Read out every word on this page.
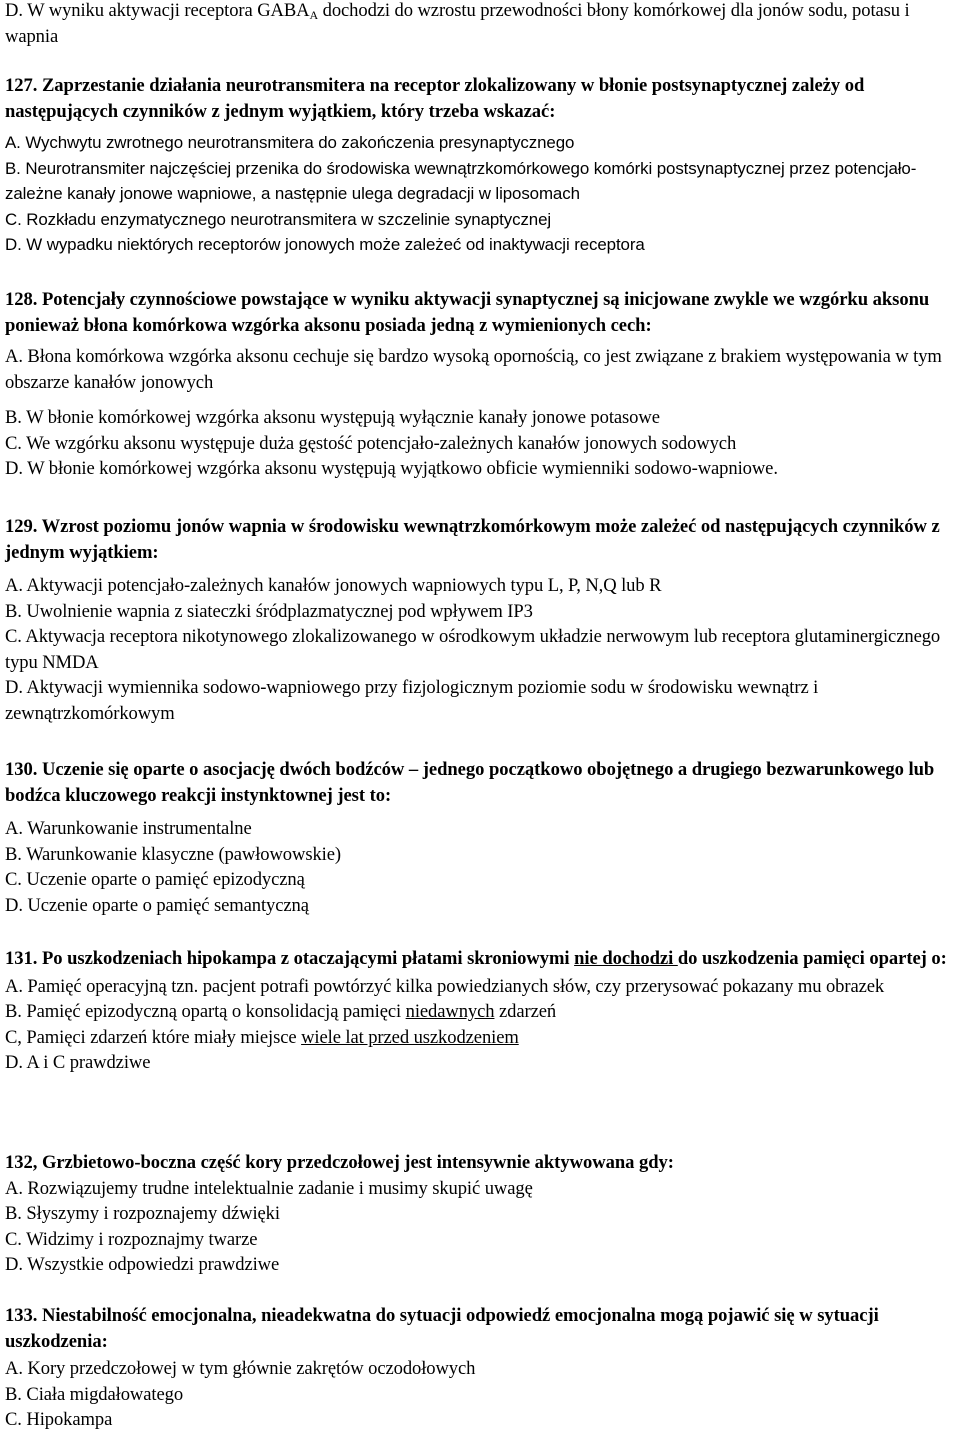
D. W wyniku aktywacji receptora $GABA_A$ dochodzi do wzrostu przewodności błony komórkowej dla jonów sodu, potasu i wapnia

127. Zaprzestanie działania neurotransmitera na receptor zlokalizowany w błonie postsynaptycznej zależy od następujących czynników z jednym wyjątkiem, który trzeba wskazać:

A. Wychwytu zwrotnego neurotransmitera do zakończenia presynaptycznego

B. Neurotransmiter najczęściej przenika do środowiska wewnątrzkomórkowego komórki postsynaptycznej przez potencjało-zależne kanały jonowe wapniowe, a następnie ulega degradacji w liposomach

C. Rozkładu enzymatycznego neurotransmitera w szczelinie synaptycznej

D. W wypadku niektórych receptorów jonowych może zależeć od inaktywacji receptora

128. Potencjały czynnościowe powstające w wyniku aktywacji synaptycznej są inicjowane zwykle we wzgórku aksonu ponieważ błona komórkowa wzgórka aksonu posiada jedną z wymienionych cech:

A. Błona komórkowa wzgórka aksonu cechuje się bardzo wysoką opornością, co jest związane z brakiem występowania w tym obszarze kanałów jonowych

B. W błonie komórkowej wzgórka aksonu występują wyłącznie kanały jonowe potasowe

C. We wzgórku aksonu występuje duża gęstość potencjało-zależnych kanałów jonowych sodowych

D. W błonie komórkowej wzgórka aksonu występują wyjątkowo obficie wymienniki sodowo-wapniowe.

129. Wzrost poziomu jonów wapnia w środowisku wewnątrzkomórkowym może zależeć od następujących czynników z jednym wyjątkiem:

A. Aktywacji potencjało-zależnych kanałów jonowych wapniowych typu L, P, N,Q lub R

B. Uwolnienie wapnia z siateczki śródplazmatycznej pod wpływem IP3

C. Aktywacja receptora nikotynowego zlokalizowanego w ośrodkowym układzie nerwowym lub receptora glutaminergicznego typu NMDA

D. Aktywacji wymiennika sodowo-wapniowego przy fizjologicznym poziomie sodu w środowisku wewnątrz i zewnątrzkomórkowym

130. Uczenie się oparte o asocjację dwóch bodźców – jednego początkowo obojętnego a drugiego bezwarunkowego lub bodźca kluczowego reakcji instynktownej jest to:

A. Warunkowanie instrumentalne

B. Warunkowanie klasyczne (pawłowowskie)

C. Uczenie oparte o pamięć epizodyczną

D. Uczenie oparte o pamięć semantyczną

131. Po uszkodzeniach hipokampa z otaczającymi płatami skroniowymi nie dochodzi do uszkodzenia pamięci opartej o:

A. Pamięć operacyjną tzn. pacjent potrafi powtórzyć kilka powiedzianych słów, czy przerysować pokazany mu obrazek

B. Pamięć epizodyczną opartą o konsolidacją pamięci niedawnych zdarzeń

C, Pamięci zdarzeń które miały miejsce wiele lat przed uszkodzeniem

D. A i C prawdziwe

132, Grzbietowo-boczna część kory przedczołowej jest intensywnie aktywowana gdy:

A. Rozwiązujemy trudne intelektualnie zadanie i musimy skupić uwagę

B. Słyszymy i rozpoznajemy dźwięki

C. Widzimy i rozpoznajmy twarze

D. Wszystkie odpowiedzi prawdziwe

133. Niestabilność emocjonalna, nieadekwatna do sytuacji odpowiedź emocjonalna mogą pojawić się w sytuacji uszkodzenia:

A. Kory przedczołowej w tym głównie zakrętów oczodołowych

B. Ciała migdałowatego

C. Hipokampa
